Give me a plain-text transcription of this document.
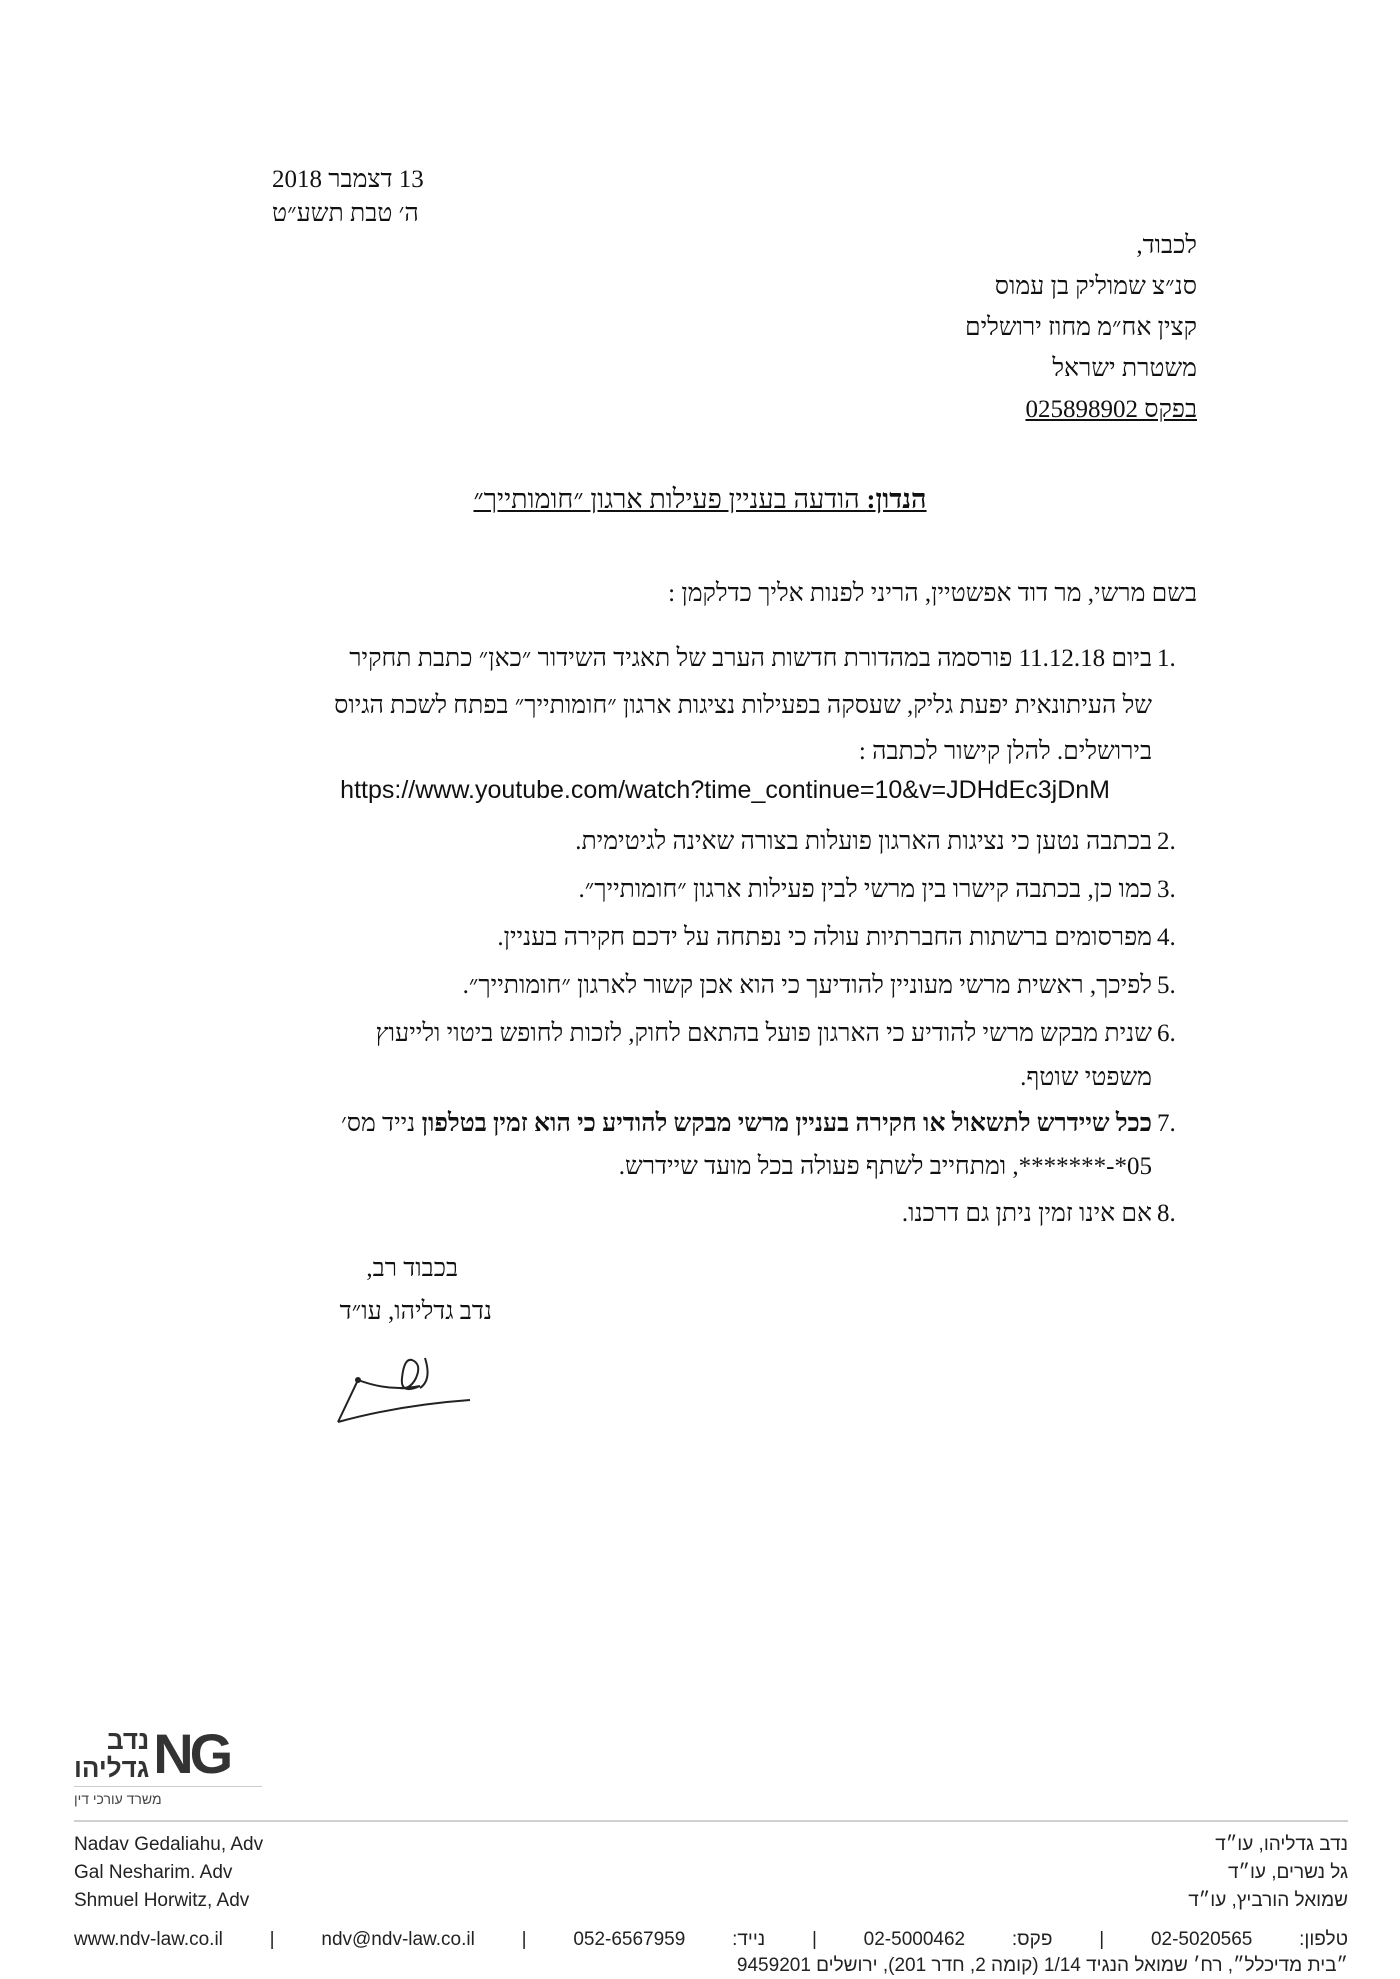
13 דצמבר 2018
ה׳ טבת תשע״ט
לכבוד,
סנ״צ שמוליק בן עמוס
קצין אח״מ מחוז ירושלים
משטרת ישראל
בפקס 025898902
הנדון: הודעה בעניין פעילות ארגון ״חומותייך״
בשם מרשי, מר דוד אפשטיין, הריני לפנות אליך כדלקמן :
1.
ביום 11.12.18 פורסמה במהדורת חדשות הערב של תאגיד השידור ״כאן״ כתבת תחקיר
של העיתונאית יפעת גליק, שעסקה בפעילות נציגות ארגון ״חומותייך״ בפתח לשכת הגיוס
בירושלים. להלן קישור לכתבה :
https://www.youtube.com/watch?time_continue=10&v=JDHdEc3jDnM
2.
בכתבה נטען כי נציגות הארגון פועלות בצורה שאינה לגיטימית.
3.
כמו כן, בכתבה קישרו בין מרשי לבין פעילות ארגון ״חומותייך״.
4.
מפרסומים ברשתות החברתיות עולה כי נפתחה על ידכם חקירה בעניין.
5.
לפיכך, ראשית מרשי מעוניין להודיעך כי הוא אכן קשור לארגון ״חומותייך״.
6.
שנית מבקש מרשי להודיע כי הארגון פועל בהתאם לחוק, לזכות לחופש ביטוי ולייעוץ
משפטי שוטף.
7.
ככל שיידרש לתשאול או חקירה בעניין מרשי מבקש להודיע כי הוא זמין בטלפון נייד מס׳
05*-*******, ומתחייב לשתף פעולה בכל מועד שיידרש.
8.
אם אינו זמין ניתן גם דרכנו.
בכבוד רב,
נדב גדליהו, עו״ד
נדב
גדליהו NG
משרד עורכי דין
Nadav Gedaliahu, Adv
Gal Nesharim. Adv
Shmuel Horwitz, Adv
נדב גדליהו, עו״ד
גל נשרים, עו״ד
שמואל הורביץ, עו״ד
טלפון: 02-5020565 | פקס: 02-5000462 | נייד: 052-6567959 | www.ndv-law.co.il | ndv@ndv-law.co.il
״בית מדיכלל״, רח׳ שמואל הנגיד 1/14 (קומה 2, חדר 201), ירושלים 9459201
